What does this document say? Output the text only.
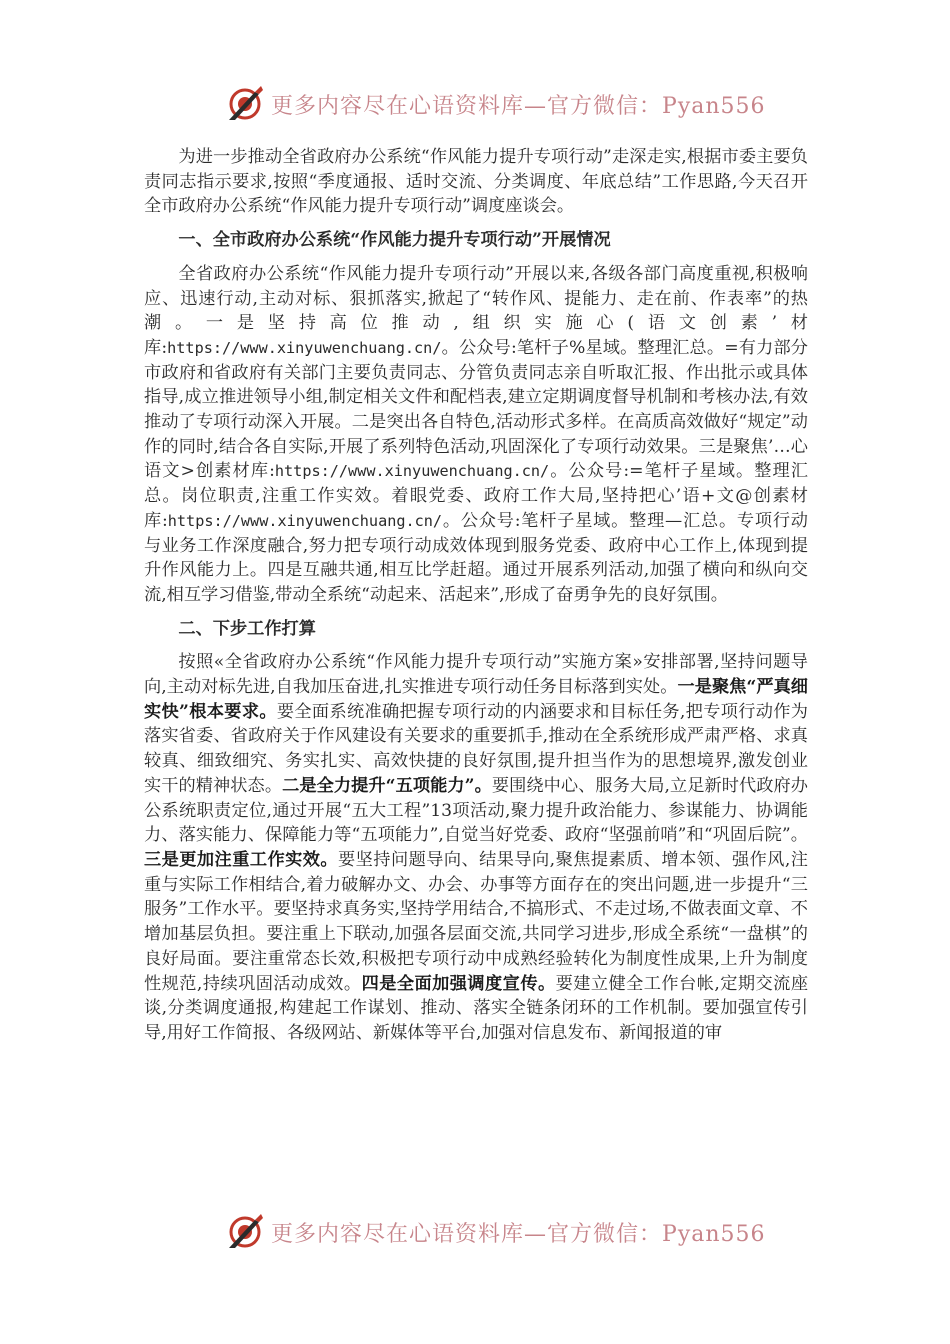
更多内容尽在心语资料库—官方微信：Pyan556

为进一步推动全省政府办公系统“作风能力提升专项行动”走深走实,根据市委主要负责同志指示要求,按照“季度通报、适时交流、分类调度、年底总结”工作思路,今天召开全市政府办公系统“作风能力提升专项行动”调度座谈会。

一、全市政府办公系统“作风能力提升专项行动”开展情况

全省政府办公系统“作风能力提升专项行动”开展以来,各级各部门高度重视,积极响应、迅速行动,主动对标、狠抓落实,掀起了“转作风、提能力、走在前、作表率”的热潮。一是坚持高位推动,组织实施心(语文创素’材库:https://www.xinyuwenchuang.cn/。公众号:笔杆子%星域。整理汇总。=有力部分市政府和省政府有关部门主要负责同志、分管负责同志亲自听取汇报、作出批示或具体指导,成立推进领导小组,制定相关文件和配档表,建立定期调度督导机制和考核办法,有效推动了专项行动深入开展。二是突出各自特色,活动形式多样。在高质高效做好“规定”动作的同时,结合各自实际,开展了系列特色活动,巩固深化了专项行动效果。三是聚焦’…心语文>创素材库:https://www.xinyuwenchuang.cn/。公众号:=笔杆子星域。整理汇总。岗位职责,注重工作实效。着眼党委、政府工作大局,坚持把心’语+文@创素材库:https://www.xinyuwenchuang.cn/。公众号:笔杆子星域。整理—汇总。专项行动与业务工作深度融合,努力把专项行动成效体现到服务党委、政府中心工作上,体现到提升作风能力上。四是互融共通,相互比学赶超。通过开展系列活动,加强了横向和纵向交流,相互学习借鉴,带动全系统“动起来、活起来”,形成了奋勇争先的良好氛围。

二、下步工作打算

按照«全省政府办公系统“作风能力提升专项行动”实施方案»安排部署,坚持问题导向,主动对标先进,自我加压奋进,扎实推进专项行动任务目标落到实处。一是聚焦“严真细实快”根本要求。要全面系统准确把握专项行动的内涵要求和目标任务,把专项行动作为落实省委、省政府关于作风建设有关要求的重要抓手,推动在全系统形成严肃严格、求真较真、细致细究、务实扎实、高效快捷的良好氛围,提升担当作为的思想境界,激发创业实干的精神状态。二是全力提升“五项能力”。要围绕中心、服务大局,立足新时代政府办公系统职责定位,通过开展“五大工程”13项活动,聚力提升政治能力、参谋能力、协调能力、落实能力、保障能力等“五项能力”,自觉当好党委、政府“坚强前哨”和“巩固后院”。三是更加注重工作实效。要坚持问题导向、结果导向,聚焦提素质、增本领、强作风,注重与实际工作相结合,着力破解办文、办会、办事等方面存在的突出问题,进一步提升“三服务”工作水平。要坚持求真务实,坚持学用结合,不搞形式、不走过场,不做表面文章、不增加基层负担。要注重上下联动,加强各层面交流,共同学习进步,形成全系统“一盘棋”的良好局面。要注重常态长效,积极把专项行动中成熟经验转化为制度性成果,上升为制度性规范,持续巩固活动成效。四是全面加强调度宣传。要建立健全工作台帐,定期交流座谈,分类调度通报,构建起工作谋划、推动、落实全链条闭环的工作机制。要加强宣传引导,用好工作简报、各级网站、新媒体等平台,加强对信息发布、新闻报道的审

更多内容尽在心语资料库—官方微信：Pyan556
